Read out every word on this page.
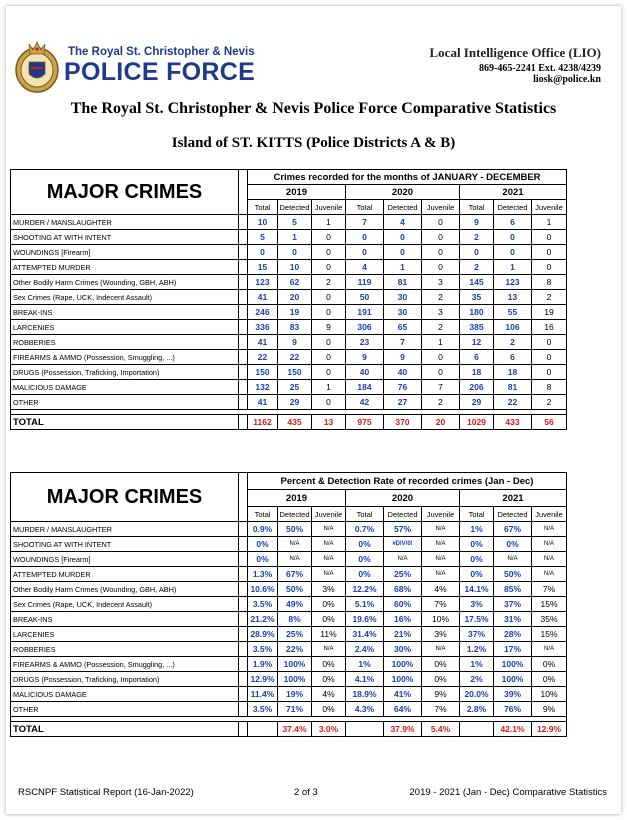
The Royal St. Christopher & Nevis
POLICE FORCE
Local Intelligence Office (LIO)
869-465-2241 Ext. 4238/4239
liosk@police.kn
The Royal St. Christopher & Nevis Police Force Comparative Statistics
Island of ST. KITTS (Police Districts A & B)
MAJOR CRIMES		Crimes recorded for the months of JANUARY - DECEMBER								
		2019			2020			2021		
		Total	Detected	Juvenile	Total	Detected	Juvenile	Total	Detected	Juvenile
MURDER / MANSLAUGHTER		10	5	1	7	4	0	9	6	1
SHOOTING AT WITH INTENT		5	1	0	0	0	0	2	0	0
WOUNDINGS [Firearm]		0	0	0	0	0	0	0	0	0
ATTEMPTED MURDER		15	10	0	4	1	0	2	1	0
Other Bodily Harm Crimes (Wounding, GBH, ABH)		123	62	2	119	81	3	145	123	8
Sex Crimes (Rape, UCK, Indecent Assault)		41	20	0	50	30	2	35	13	2
BREAK-INS		246	19	0	191	30	3	180	55	19
LARCENIES		336	83	9	306	65	2	385	106	16
ROBBERIES		41	9	0	23	7	1	12	2	0
FIREARMS & AMMO (Possession, Smuggling, ...)		22	22	0	9	9	0	6	6	0
DRUGS (Possession, Traficking, Importation)		150	150	0	40	40	0	18	18	0
MALICIOUS DAMAGE		132	25	1	184	76	7	206	81	8
OTHER		41	29	0	42	27	2	29	22	2

TOTAL		1162	435	13	975	370	20	1029	433	56
MAJOR CRIMES		Percent & Detection Rate of recorded crimes (Jan - Dec)								
		2019			2020			2021		
		Total	Detected	Juvenile	Total	Detected	Juvenile	Total	Detected	Juvenile
MURDER / MANSLAUGHTER		0.9%	50%	N/A	0.7%	57%	N/A	1%	67%	N/A
SHOOTING AT WITH INTENT		0%	N/A	N/A	0%	#DIV/0!	N/A	0%	0%	N/A
WOUNDINGS [Firearm]		0%	N/A	N/A	0%	N/A	N/A	0%	N/A	N/A
ATTEMPTED MURDER		1.3%	67%	N/A	0%	25%	N/A	0%	50%	N/A
Other Bodily Harm Crimes (Wounding, GBH, ABH)		10.6%	50%	3%	12.2%	68%	4%	14.1%	85%	7%
Sex Crimes (Rape, UCK, Indecent Assault)		3.5%	49%	0%	5.1%	60%	7%	3%	37%	15%
BREAK-INS		21.2%	8%	0%	19.6%	16%	10%	17.5%	31%	35%
LARCENIES		28.9%	25%	11%	31.4%	21%	3%	37%	28%	15%
ROBBERIES		3.5%	22%	N/A	2.4%	30%	N/A	1.2%	17%	N/A
FIREARMS & AMMO (Possession, Smuggling, ...)		1.9%	100%	0%	1%	100%	0%	1%	100%	0%
DRUGS (Possession, Traficking, Importation)		12.9%	100%	0%	4.1%	100%	0%	2%	100%	0%
MALICIOUS DAMAGE		11.4%	19%	4%	18.9%	41%	9%	20.0%	39%	10%
OTHER		3.5%	71%	0%	4.3%	64%	7%	2.8%	76%	9%

TOTAL			37.4%	3.0%		37.9%	5.4%		42.1%	12.9%
RSCNPF Statistical Report (16-Jan-2022)	2 of 3	2019 - 2021 (Jan - Dec) Comparative Statistics
